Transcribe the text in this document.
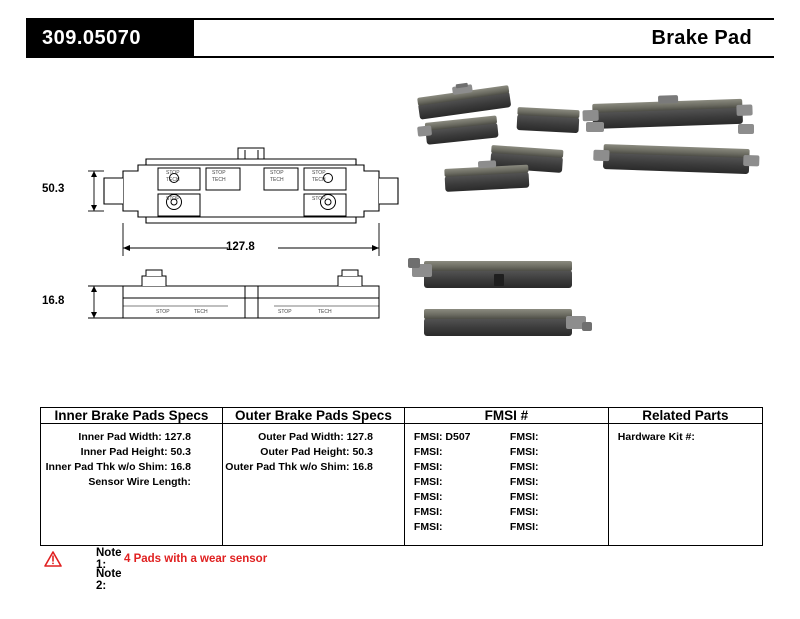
309.05070	Brake Pad
STOP
TECH
STOP
TECH
STOP
TECH
STOP
TECH
STOP	STOP
STOP	TECH	STOP	TECH
50.3
127.8
16.8
Inner Brake Pads Specs	Outer Brake Pads Specs	FMSI #	Related Parts

Inner Pad Width: 127.8
Inner Pad Height: 50.3
Inner Pad Thk w/o Shim: 16.8
Sensor Wire Length:

Outer Pad Width: 127.8
Outer Pad Height: 50.3
Outer Pad Thk w/o Shim: 16.8

FMSI: D507	FMSI:
FMSI:	FMSI:
FMSI:	FMSI:
FMSI:	FMSI:
FMSI:	FMSI:
FMSI:	FMSI:
FMSI:	FMSI:

Hardware Kit #:
Note 1:	4 Pads with a wear sensor
Note 2:
